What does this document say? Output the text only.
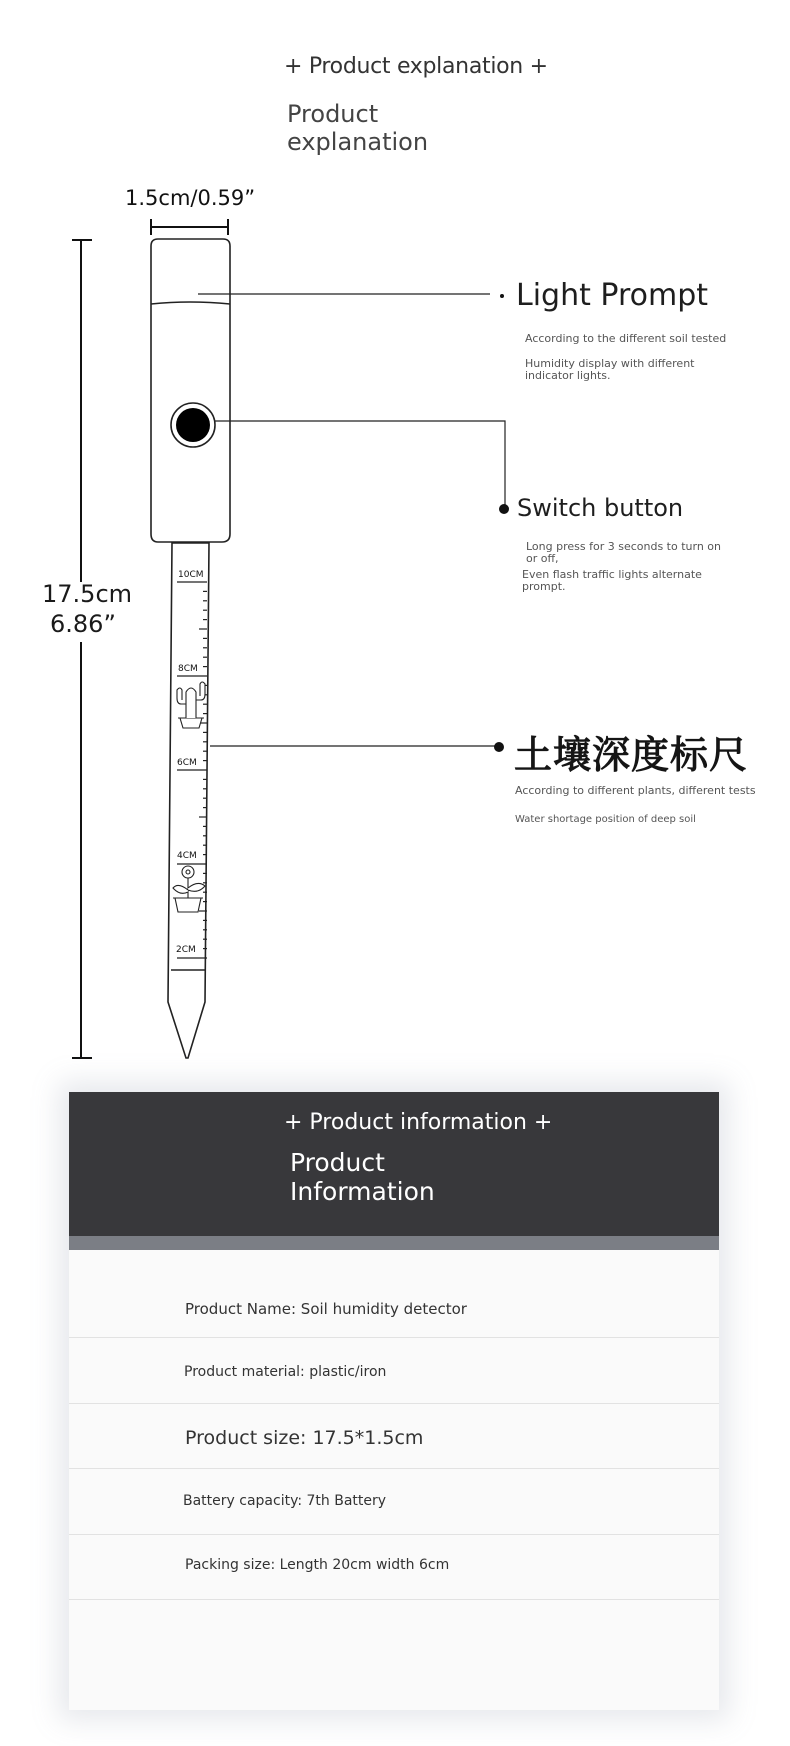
+ Product explanation +
Product explanation
10CM
8CM
6CM
4CM
2CM
1.5cm/0.59”
17.5cm
6.86”
Light Prompt
According to the different soil tested
Humidity display with different indicator lights.
Switch button
Long press for 3 seconds to turn on or off,
Even flash traffic lights alternate prompt.
土壤深度标尺
According to different plants, different tests
Water shortage position of deep soil
+ Product information +
Product Information
Product Name: Soil humidity detector
Product material: plastic/iron
Product size: 17.5*1.5cm
Battery capacity: 7th Battery
Packing size: Length 20cm width 6cm
